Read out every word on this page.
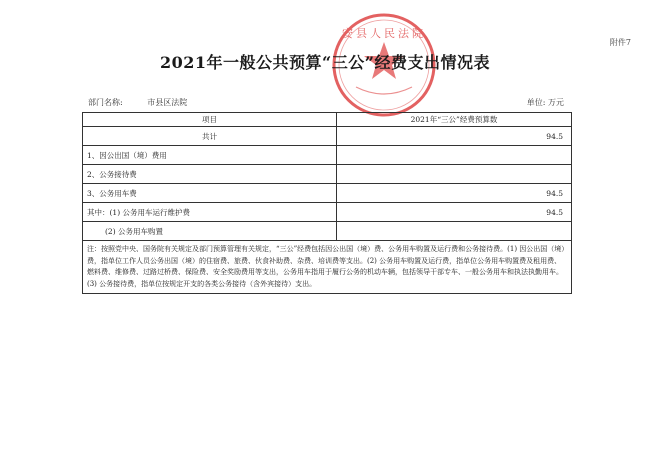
附件7
安县人民法院
2021年一般公共预算“三公”经费支出情况表
部门名称:	市县区法院	单位: 万元
项目	2021年“三公”经费预算数
共计	94.5
1、因公出国（境）费用	
2、公务接待费	
3、公务用车费	94.5
其中：(1) 公务用车运行维护费	94.5
(2) 公务用车购置	
注：按照党中央、国务院有关规定及部门预算管理有关规定，“三公”经费包括因公出国（境）费、公务用车购置及运行费和公务接待费。(1) 因公出国（境）费，指单位工作人员公务出国（境）的住宿费、旅费、伙食补助费、杂费、培训费等支出。(2) 公务用车购置及运行费，指单位公务用车购置费及租用费、燃料费、维修费、过路过桥费、保险费、安全奖励费用等支出，公务用车指用于履行公务的机动车辆，包括领导干部专车、一般公务用车和执法执勤用车。(3) 公务接待费，指单位按规定开支的各类公务接待（含外宾接待）支出。	
